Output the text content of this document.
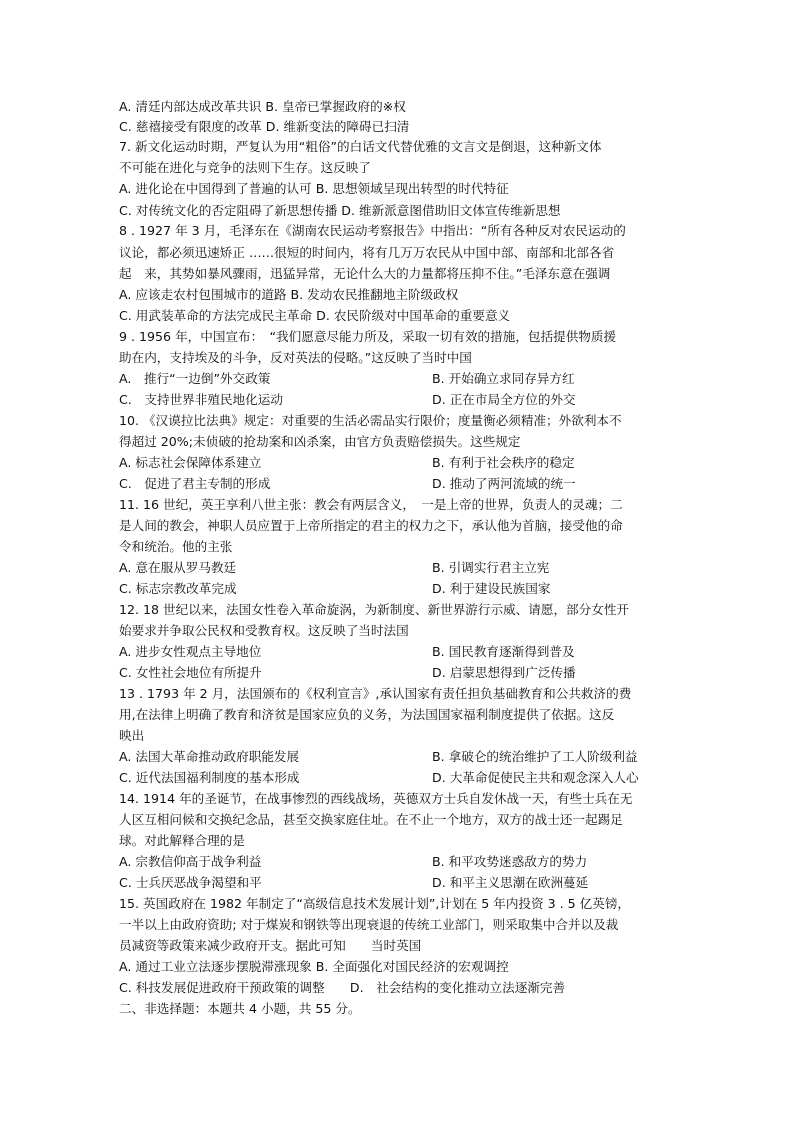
A. 清廷内部达成改革共识 B. 皇帝已掌握政府的※权
C. 慈禧接受有限度的改革 D. 维新变法的障碍已扫清
7. 新文化运动时期，严复认为用“粗俗”的白话文代替优雅的文言文是倒退，这种新文体
不可能在进化与竞争的法则下生存。这反映了
A. 进化论在中国得到了普遍的认可 B. 思想领域呈现出转型的时代特征
C. 对传统文化的否定阻碍了新思想传播 D. 维新派意图借助旧文体宣传维新思想
8 . 1927 年 3 月，毛泽东在《湖南农民运动考察报告》中指出：“所有各种反对农民运动的
议论，都必须迅速矫正 ……很短的时间内，将有几万万农民从中国中部、南部和北部各省
起　来，其势如暴风骤雨，迅猛异常，无论什么大的力量都将压抑不住。”毛泽东意在强调
A. 应该走农村包围城市的道路 B. 发动农民推翻地主阶级政权
C. 用武装革命的方法完成民主革命 D. 农民阶级对中国革命的重要意义
9 . 1956 年，中国宣布：　“我们愿意尽能力所及，采取一切有效的措施，包括提供物质援
助在内，支持埃及的斗争，反对英法的侵略。”这反映了当时中国
A.　推行“一边倒”外交政策	B. 开始确立求同存异方红
C.　支持世界非殖民地化运动	D. 正在市局全方位的外交
10. 《汉谟拉比法典》规定：对重要的生活必需品实行限价；度量衡必须精准；外欲利本不
得超过 20%;未侦破的抢劫案和凶杀案，由官方负责赔偿损失。这些规定
A. 标志社会保障体系建立	B. 有利于社会秩序的稳定
C.　促进了君主专制的形成	D. 推动了两河流域的统一
11. 16 世纪，英王享利八世主张：教会有两层含义，　一是上帝的世界，负责人的灵魂；二
是人间的教会，神职人员应置于上帝所指定的君主的权力之下，承认他为首脑，接受他的命
令和统治。他的主张
A. 意在服从罗马教廷	B. 引调实行君主立宪
C. 标志宗教改革完成	D. 利于建设民族国家
12. 18 世纪以来，法国女性卷入革命旋涡，为新制度、新世界游行示威、请愿，部分女性开
始要求并争取公民权和受教育权。这反映了当时法国
A. 进步女性观点主导地位	B. 国民教育逐渐得到普及
C. 女性社会地位有所提升	D. 启蒙思想得到广泛传播
13 . 1793 年 2 月，法国颁布的《权利宣言》,承认国家有责任担负基础教育和公共救济的费
用,在法律上明确了教育和济贫是国家应负的义务，为法国国家福利制度提供了依据。这反
映出
A. 法国大革命推动政府职能发展	B. 拿破仑的统治维护了工人阶级利益
C. 近代法国福利制度的基本形成	D. 大革命促使民主共和观念深入人心
14. 1914 年的圣诞节，在战事惨烈的西线战场，英德双方士兵自发休战一天，有些士兵在无
人区互相问候和交换纪念品，甚至交换家庭住址。在不止一个地方，双方的战士还一起踢足
球。对此解释合理的是
A. 宗教信仰高于战争利益	B. 和平攻势迷惑敌方的势力
C. 士兵厌恶战争渴望和平	D. 和平主义思潮在欧洲蔓延
15. 英国政府在 1982 年制定了“高级信息技术发展计划”,计划在 5 年内投资 3 . 5 亿英镑，
一半以上由政府资助; 对于煤炭和钢铁等出现衰退的传统工业部门，则采取集中合并以及裁
员减资等政策来减少政府开支。据此可知　　当时英国
A. 通过工业立法逐步摆脱滞涨现象 B. 全面强化对国民经济的宏观调控
C. 科技发展促进政府干预政策的调整　　D.　社会结构的变化推动立法逐渐完善
二、非选择题：本题共 4 小题，共 55 分。
